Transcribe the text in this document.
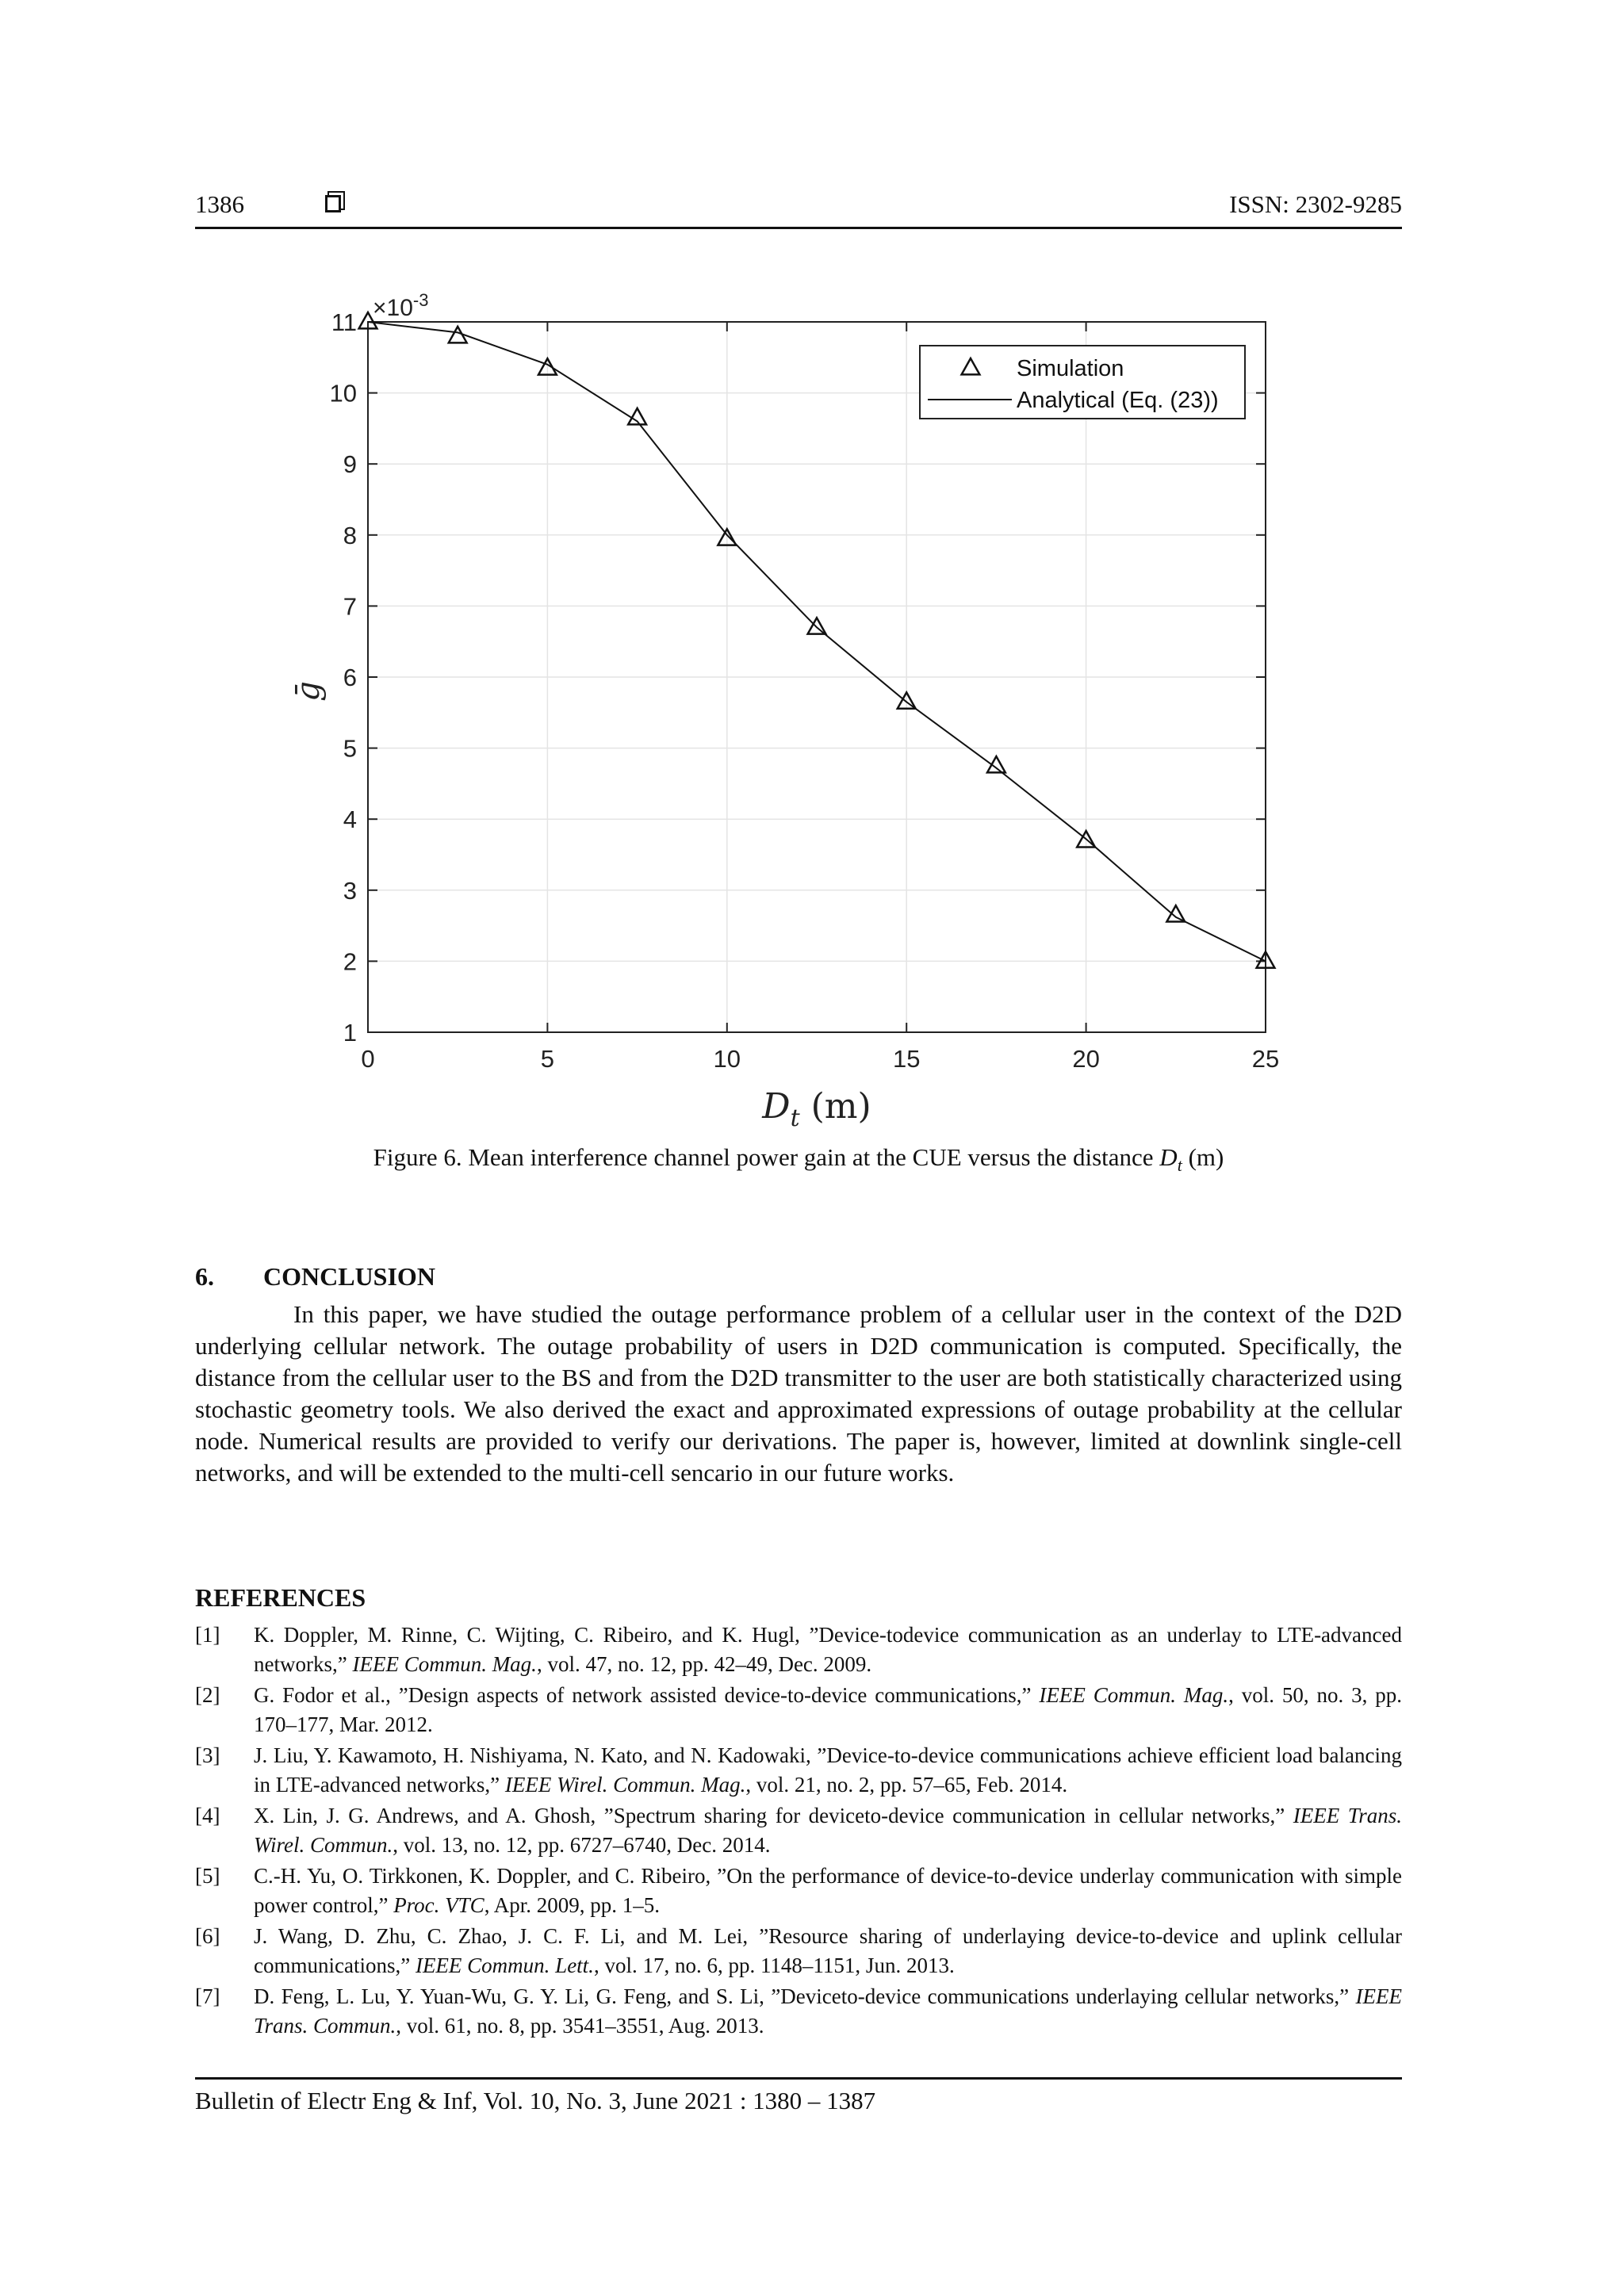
1386	ISSN: 2302-9285
1
2
3
4
5
6
7
8
9
10
11
0	5	10	15	20	25
$\times 10^{-3}$
ḡ
$D_t$ (m)
Simulation
Analytical (Eq. (23))
Figure 6. Mean interference channel power gain at the CUE versus the distance $D_t$ (m)
6. CONCLUSION
In this paper, we have studied the outage performance problem of a cellular user in the context of the D2D underlying cellular network. The outage probability of users in D2D communication is computed. Specifically, the distance from the cellular user to the BS and from the D2D transmitter to the user are both statistically characterized using stochastic geometry tools. We also derived the exact and approximated expressions of outage probability at the cellular node. Numerical results are provided to verify our derivations. The paper is, however, limited at downlink single-cell networks, and will be extended to the multi-cell sencario in our future works.
REFERENCES
[1] K. Doppler, M. Rinne, C. Wijting, C. Ribeiro, and K. Hugl, ”Device-todevice communication as an underlay to LTE-advanced networks,” IEEE Commun. Mag., vol. 47, no. 12, pp. 42–49, Dec. 2009.
[2] G. Fodor et al., ”Design aspects of network assisted device-to-device communications,” IEEE Commun. Mag., vol. 50, no. 3, pp. 170–177, Mar. 2012.
[3] J. Liu, Y. Kawamoto, H. Nishiyama, N. Kato, and N. Kadowaki, ”Device-to-device communications achieve efficient load balancing in LTE-advanced networks,” IEEE Wirel. Commun. Mag., vol. 21, no. 2, pp. 57–65, Feb. 2014.
[4] X. Lin, J. G. Andrews, and A. Ghosh, ”Spectrum sharing for deviceto-device communication in cellular networks,” IEEE Trans. Wirel. Commun., vol. 13, no. 12, pp. 6727–6740, Dec. 2014.
[5] C.-H. Yu, O. Tirkkonen, K. Doppler, and C. Ribeiro, ”On the performance of device-to-device underlay communication with simple power control,” Proc. VTC, Apr. 2009, pp. 1–5.
[6] J. Wang, D. Zhu, C. Zhao, J. C. F. Li, and M. Lei, ”Resource sharing of underlaying device-to-device and uplink cellular communications,” IEEE Commun. Lett., vol. 17, no. 6, pp. 1148–1151, Jun. 2013.
[7] D. Feng, L. Lu, Y. Yuan-Wu, G. Y. Li, G. Feng, and S. Li, ”Deviceto-device communications underlaying cellular networks,” IEEE Trans. Commun., vol. 61, no. 8, pp. 3541–3551, Aug. 2013.
Bulletin of Electr Eng & Inf, Vol. 10, No. 3, June 2021 : 1380 – 1387
